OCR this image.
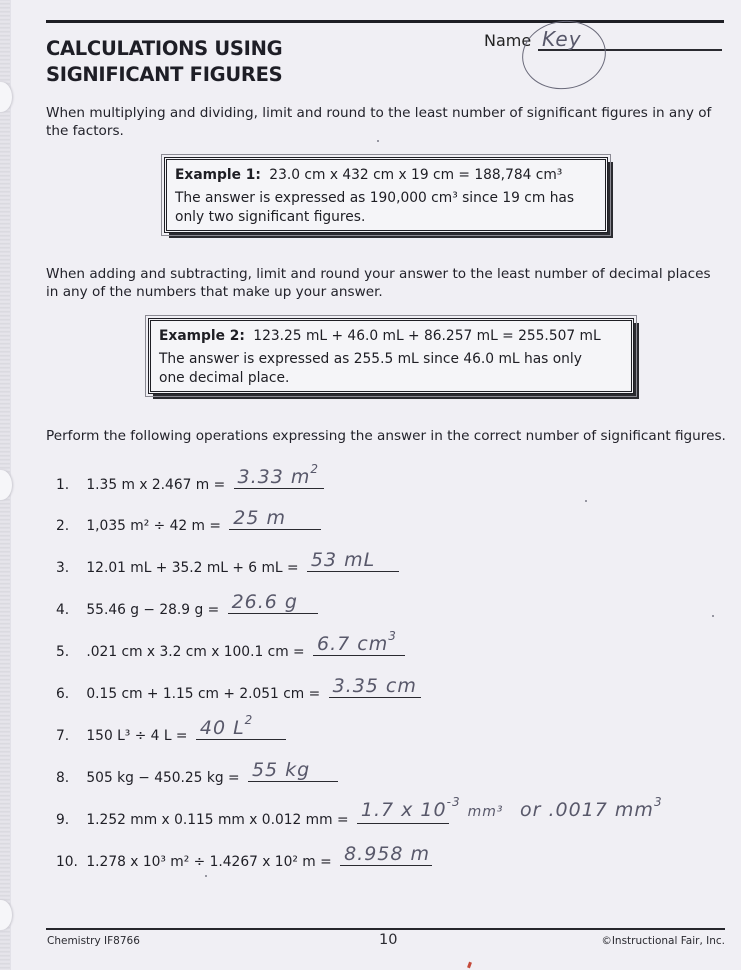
CALCULATIONS USING
SIGNIFICANT FIGURES
Name Key

When multiplying and dividing, limit and round to the least number of significant figures in any of the factors.

Example 1: 23.0 cm x 432 cm x 19 cm = 188,784 cm³
The answer is expressed as 190,000 cm³ since 19 cm has
only two significant figures.

When adding and subtracting, limit and round your answer to the least number of decimal places in any of the numbers that make up your answer.

Example 2: 123.25 mL + 46.0 mL + 86.257 mL = 255.507 mL
The answer is expressed as 255.5 mL since 46.0 mL has only
one decimal place.

Perform the following operations expressing the answer in the correct number of significant figures.

1. 1.35 m x 2.467 m = 3.33 $m^2$
2. 1,035 m² ÷ 42 m = 25 m
3. 12.01 mL + 35.2 mL + 6 mL = 53 mL
4. 55.46 g − 28.9 g = 26.6 g
5. .021 cm x 3.2 cm x 100.1 cm = 6.7 $cm^3$
6. 0.15 cm + 1.15 cm + 2.051 cm = 3.35 cm
7. 150 L³ ÷ 4 L = 40 $L^2$
8. 505 kg − 450.25 kg = 55 kg
9. 1.252 mm x 0.115 mm x 0.012 mm = 1.7 x $10^{-3}$ mm³
10. 1.278 x 10³ m² ÷ 1.4267 x 10² m = 8.958 m
or .0017 $mm^3$
Chemistry IF8766	10	©Instructional Fair, Inc.
